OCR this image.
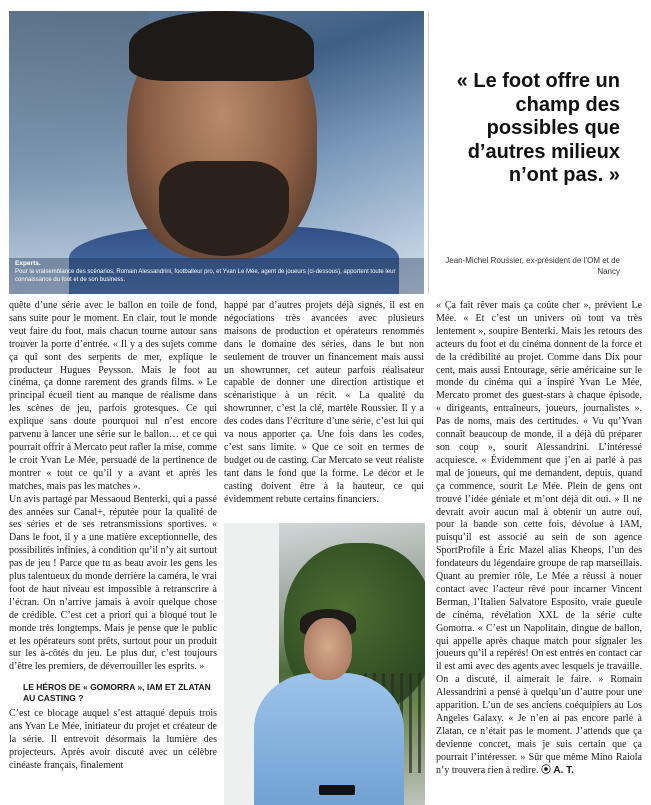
Experts.
Pour la vraisemblance des scénarios, Romain Alessandrini, footballeur pro, et Yvan Le Mée, agent de joueurs (ci-dessous), apportent toute leur connaissance du foot et de son business.
« Le foot offre un champ des possibles que d’autres milieux n’ont pas. »
Jean-Michel Roussier, ex-président de l’OM et de Nancy

quête d’une série avec le ballon en toile de fond, sans suite pour le moment. En clair, tout le monde veut faire du foot, mais chacun tourne autour sans trouver la porte d’entrée. « Il y a des sujets comme ça qui sont des serpents de mer, explique le producteur Hugues Peysson. Mais le foot au cinéma, ça donne rarement des grands films. » Le principal écueil tient au manque de réalisme dans les scènes de jeu, parfois grotesques. Ce qui explique sans doute pourquoi nul n’est encore parvenu à lancer une série sur le ballon… et ce qui pourrait offrir à Mercato peut rafler la mise, comme le croit Yvan Le Mée, persuadé de la pertinence de montrer « tout ce qu’il y a avant et après les matches, mais pas les matches ».

Un avis partagé par Messaoud Benterki, qui a passé des années sur Canal+, réputée pour la qualité de ses séries et de ses retransmissions sportives. « Dans le foot, il y a une matière exceptionnelle, des possibilités infinies, à condition qu’il n’y ait surtout pas de jeu ! Parce que tu as beau avoir les gens les plus talentueux du monde derrière la caméra, le vrai foot de haut niveau est impossible à retranscrire à l’écran. On n’arrive jamais à avoir quelque chose de crédible. C’est cet a priori qui a bloqué tout le monde très longtemps. Mais je pense que le public et les opérateurs sont prêts, surtout pour un produit sur les à-côtés du jeu. Le plus dur, c’est toujours d’être les premiers, de déverrouiller les esprits. »

LE HÉROS DE « GOMORRA », IAM ET ZLATAN AU CASTING ?

C’est ce blocage auquel s’est attaqué depuis trois ans Yvan Le Mée, initiateur du projet et créateur de la série. Il entrevoit désormais la lumière des projecteurs. Après avoir discuté avec un célèbre cinéaste français, finalement

happé par d’autres projets déjà signés, il est en négociations très avancées avec plusieurs maisons de production et opérateurs renommés dans le domaine des séries, dans le but non seulement de trouver un financement mais aussi un showrunner, cet auteur parfois réalisateur capable de donner une direction artistique et scénaristique à un récit. « La qualité du showrunner, c’est la clé, martèle Roussier. Il y a des codes dans l’écriture d’une série, c’est lui qui va nous apporter ça. Une fois dans les codes, c’est sans limite. » Que ce soit en termes de budget ou de casting. Car Mercato se veut réaliste tant dans le fond que la forme. Le décor et le casting doivent être à la hauteur, ce qui évidemment rebute certains financiers.

« Ça fait rêver mais ça coûte cher », prévient Le Mée. « Et c’est un univers où tout va très lentement », soupire Benterki. Mais les retours des acteurs du foot et du cinéma donnent de la force et de la crédibilité au projet. Comme dans Dix pour cent, mais aussi Entourage, série américaine sur le monde du cinéma qui a inspiré Yvan Le Mée, Mercato promet des guest-stars à chaque épisode, « dirigeants, entraîneurs, joueurs, journalistes ». Pas de noms, mais des certitudes. « Vu qu’Yvan connaît beaucoup de monde, il a déjà dû préparer son coup », sourit Alessandrini. L’intéressé acquiesce. « Évidemment que j’en ai parlé à pas mal de joueurs, qui me demandent, depuis, quand ça commence, sourit Le Mée. Plein de gens ont trouvé l’idée géniale et m’ont déjà dit oui. » Il ne devrait avoir aucun mal à obtenir un autre oui, pour la bande son cette fois, dévolue à IAM, puisqu’il est associé au sein de son agence SportProfile à Éric Mazel alias Kheops, l’un des fondateurs du légendaire groupe de rap marseillais. Quant au premier rôle, Le Mée a réussi à nouer contact avec l’acteur rêvé pour incarner Vincent Berman, l’Italien Salvatore Esposito, vraie gueule de cinéma, révélation XXL de la série culte Gomorra. « C’est un Napolitain, dingue de ballon, qui appelle après chaque match pour signaler les joueurs qu’il a repérés! On est entrés en contact car il est ami avec des agents avec lesquels je travaille. On a discuté, il aimerait le faire. » Romain Alessandrini a pensé à quelqu’un d’autre pour une apparition. L’un de ses anciens coéquipiers au Los Angeles Galaxy. « Je n’en ai pas encore parlé à Zlatan, ce n’était pas le moment. J’attends que ça devienne concret, mais je suis certain que ça pourrait l’intéresser. » Sûr que même Mino Raiola n’y trouvera rien à redire. ⦿ A. T.
